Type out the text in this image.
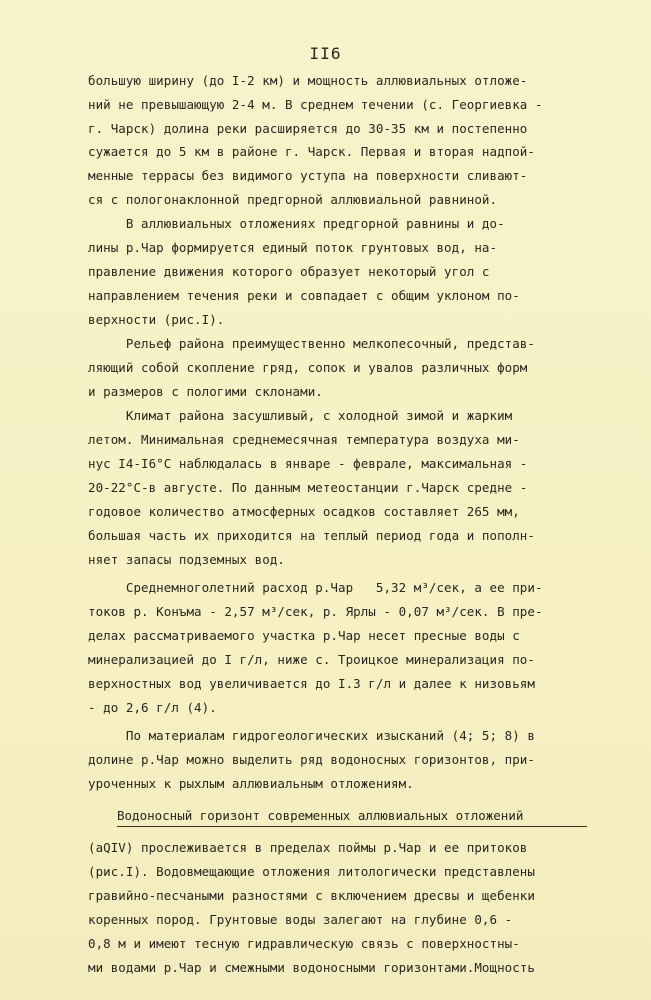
II6
большую ширину (до I-2 км) и мощность аллювиальных отложе-
ний не превышающую 2-4 м. В среднем течении (с. Георгиевка -
г. Чарск) долина реки расширяется до 30-35 км и постепенно
сужается до 5 км в районе г. Чарск. Первая и вторая надпой-
менные террасы без видимого уступа на поверхности сливают-
ся с пологонаклонной предгорной аллювиальной равниной.
В аллювиальных отложениях предгорной равнины и до-
лины р.Чар формируется единый поток грунтовых вод, на-
правление движения которого образует некоторый угол с
направлением течения реки и совпадает с общим уклоном по-
верхности (рис.I).
Рельеф района преимущественно мелкопесочный, представ-
ляющий собой скопление гряд, сопок и увалов различных форм
и размеров с пологими склонами.
Климат района засушливый, с холодной зимой и жарким
летом. Минимальная среднемесячная температура воздуха ми-
нус I4-I6°С наблюдалась в январе - феврале, максимальная -
20-22°С-в августе. По данным метеостанции г.Чарск средне -
годовое количество атмосферных осадков составляет 265 мм,
большая часть их приходится на теплый период года и пополн-
няет запасы подземных вод.
Среднемноголетний расход р.Чар   5,32 м³/сек, а ее при-
токов р. Конъма - 2,57 м³/сек, р. Ярлы - 0,07 м³/сек. В пре-
делах рассматриваемого участка р.Чар несет пресные воды с
минерализацией до I г/л, ниже с. Троицкое минерализация по-
верхностных вод увеличивается до I.3 г/л и далее к низовьям
- до 2,6 г/л (4).
По материалам гидрогеологических изысканий (4; 5; 8) в
долине р.Чар можно выделить ряд водоносных горизонтов, при-
уроченных к рыхлым аллювиальным отложениям.
Водоносный горизонт современных аллювиальных отложений
(aQIV) прослеживается в пределах поймы р.Чар и ее притоков
(рис.I). Водовмещающие отложения литологически представлены
гравийно-песчаными разностями с включением дресвы и щебенки
коренных пород. Грунтовые воды залегают на глубине 0,6 -
0,8 м и имеют тесную гидравлическую связь с поверхностны-
ми водами р.Чар и смежными водоносными горизонтами.Мощность
